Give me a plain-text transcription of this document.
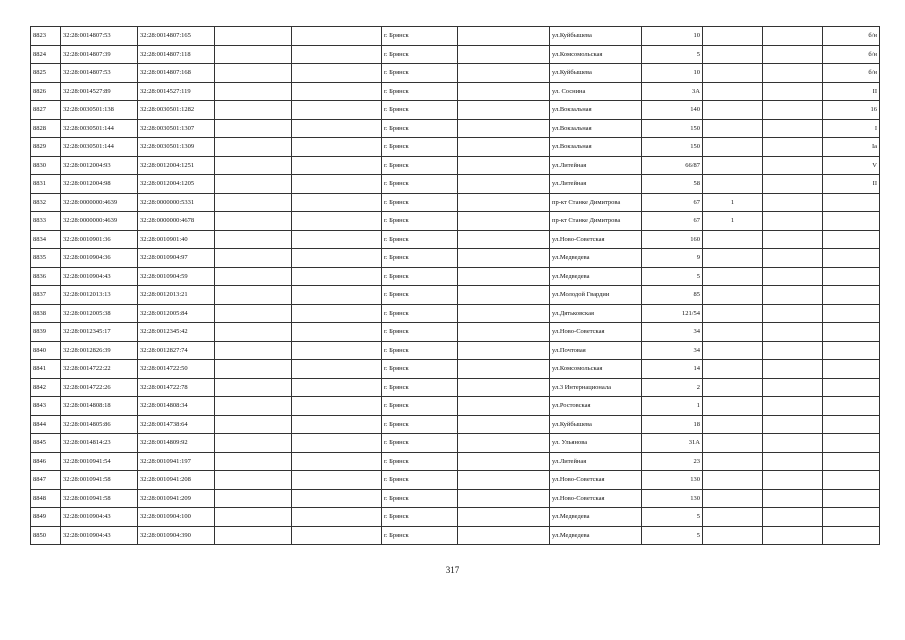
8823	32:28:0014807:53	32:28:0014807:165			г. Брянск		ул.Куйбышева	10			б/н
8824	32:28:0014807:39	32:28:0014807:118			г. Брянск		ул.Комсомольская	5			б/н
8825	32:28:0014807:53	32:28:0014807:168			г. Брянск		ул.Куйбышева	10			б/н
8826	32:28:0014527:89	32:28:0014527:119			г. Брянск		ул. Соснина	3А			II
8827	32:28:0030501:138	32:28:0030501:1282			г. Брянск		ул.Вокзальная	140			16
8828	32:28:0030501:144	32:28:0030501:1307			г. Брянск		ул.Вокзальная	150			I
8829	32:28:0030501:144	32:28:0030501:1309			г. Брянск		ул.Вокзальная	150			Ia
8830	32:28:0012004:93	32:28:0012004:1251			г. Брянск		ул.Литейная	66/87			V
8831	32:28:0012004:98	32:28:0012004:1205			г. Брянск		ул.Литейная	58			II
8832	32:28:0000000:4639	32:28:0000000:5331			г. Брянск		пр-кт Станке Димитрова	67	1		
8833	32:28:0000000:4639	32:28:0000000:4678			г. Брянск		пр-кт Станке Димитрова	67	1		
8834	32:28:0010901:36	32:28:0010901:40			г. Брянск		ул.Ново-Советская	160			
8835	32:28:0010904:36	32:28:0010904:97			г. Брянск		ул.Медведева	9			
8836	32:28:0010904:43	32:28:0010904:59			г. Брянск		ул.Медведева	5			
8837	32:28:0012013:13	32:28:0012013:21			г. Брянск		ул.Молодой Гвардии	85			
8838	32:28:0012005:38	32:28:0012005:84			г. Брянск		ул.Дятьковская	121/54			
8839	32:28:0012345:17	32:28:0012345:42			г. Брянск		ул.Ново-Советская	34			
8840	32:28:0012826:39	32:28:0012827:74			г. Брянск		ул.Почтовая	34			
8841	32:28:0014722:22	32:28:0014722:50			г. Брянск		ул.Комсомольская	14			
8842	32:28:0014722:26	32:28:0014722:78			г. Брянск		ул.3 Интернационала	2			
8843	32:28:0014808:18	32:28:0014808:34			г. Брянск		ул.Ростовская	1			
8844	32:28:0014805:86	32:28:0014738:64			г. Брянск		ул.Куйбышева	18			
8845	32:28:0014814:23	32:28:0014809:92			г. Брянск		ул. Ульянова	31А			
8846	32:28:0010941:54	32:28:0010941:197			г. Брянск		ул.Литейная	23			
8847	32:28:0010941:58	32:28:0010941:208			г. Брянск		ул.Ново-Советская	130			
8848	32:28:0010941:58	32:28:0010941:209			г. Брянск		ул.Ново-Советская	130			
8849	32:28:0010904:43	32:28:0010904:100			г. Брянск		ул.Медведева	5			
8850	32:28:0010904:43	32:28:0010904:390			г. Брянск		ул.Медведева	5			
317
